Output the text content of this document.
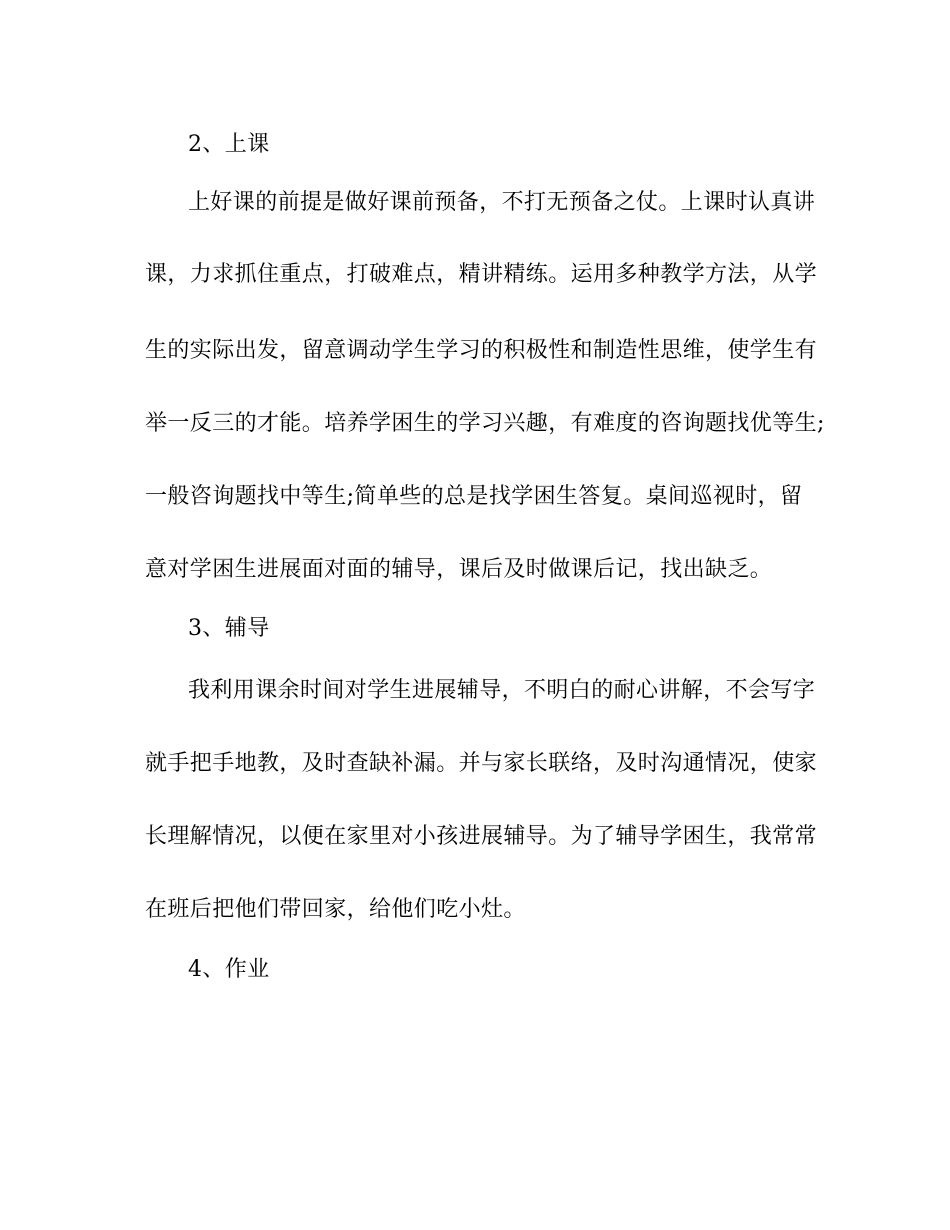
2、上课
上好课的前提是做好课前预备，不打无预备之仗。上课时认真讲
课，力求抓住重点，打破难点，精讲精练。运用多种教学方法，从学
生的实际出发，留意调动学生学习的积极性和制造性思维，使学生有
举一反三的才能。培养学困生的学习兴趣，有难度的咨询题找优等生;
一般咨询题找中等生;简单些的总是找学困生答复。桌间巡视时，留
意对学困生进展面对面的辅导，课后及时做课后记，找出缺乏。
3、辅导
我利用课余时间对学生进展辅导，不明白的耐心讲解，不会写字
就手把手地教，及时查缺补漏。并与家长联络，及时沟通情况，使家
长理解情况，以便在家里对小孩进展辅导。为了辅导学困生，我常常
在班后把他们带回家，给他们吃小灶。
4、作业
